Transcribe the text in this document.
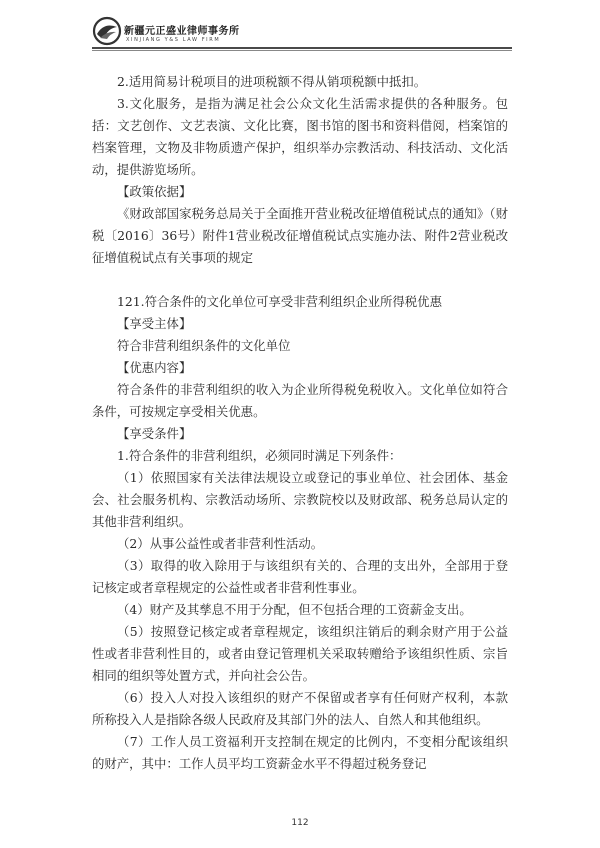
新疆元正盛业律师事务所
XINJIANG Y&S LAW FIRM

2.适用简易计税项目的进项税额不得从销项税额中抵扣。

3.文化服务，是指为满足社会公众文化生活需求提供的各种服务。包括：文艺创作、文艺表演、文化比赛，图书馆的图书和资料借阅，档案馆的档案管理，文物及非物质遗产保护，组织举办宗教活动、科技活动、文化活动，提供游览场所。

【政策依据】

《财政部国家税务总局关于全面推开营业税改征增值税试点的通知》（财税〔2016〕36号）附件1营业税改征增值税试点实施办法、附件2营业税改征增值税试点有关事项的规定

121.符合条件的文化单位可享受非营利组织企业所得税优惠

【享受主体】

符合非营利组织条件的文化单位

【优惠内容】

符合条件的非营利组织的收入为企业所得税免税收入。文化单位如符合条件，可按规定享受相关优惠。

【享受条件】

1.符合条件的非营利组织，必须同时满足下列条件：

（1）依照国家有关法律法规设立或登记的事业单位、社会团体、基金会、社会服务机构、宗教活动场所、宗教院校以及财政部、税务总局认定的其他非营利组织。

（2）从事公益性或者非营利性活动。

（3）取得的收入除用于与该组织有关的、合理的支出外，全部用于登记核定或者章程规定的公益性或者非营利性事业。

（4）财产及其孳息不用于分配，但不包括合理的工资薪金支出。

（5）按照登记核定或者章程规定，该组织注销后的剩余财产用于公益性或者非营利性目的，或者由登记管理机关采取转赠给予该组织性质、宗旨相同的组织等处置方式，并向社会公告。

（6）投入人对投入该组织的财产不保留或者享有任何财产权利，本款所称投入人是指除各级人民政府及其部门外的法人、自然人和其他组织。

（7）工作人员工资福利开支控制在规定的比例内，不变相分配该组织的财产，其中：工作人员平均工资薪金水平不得超过税务登记

112
